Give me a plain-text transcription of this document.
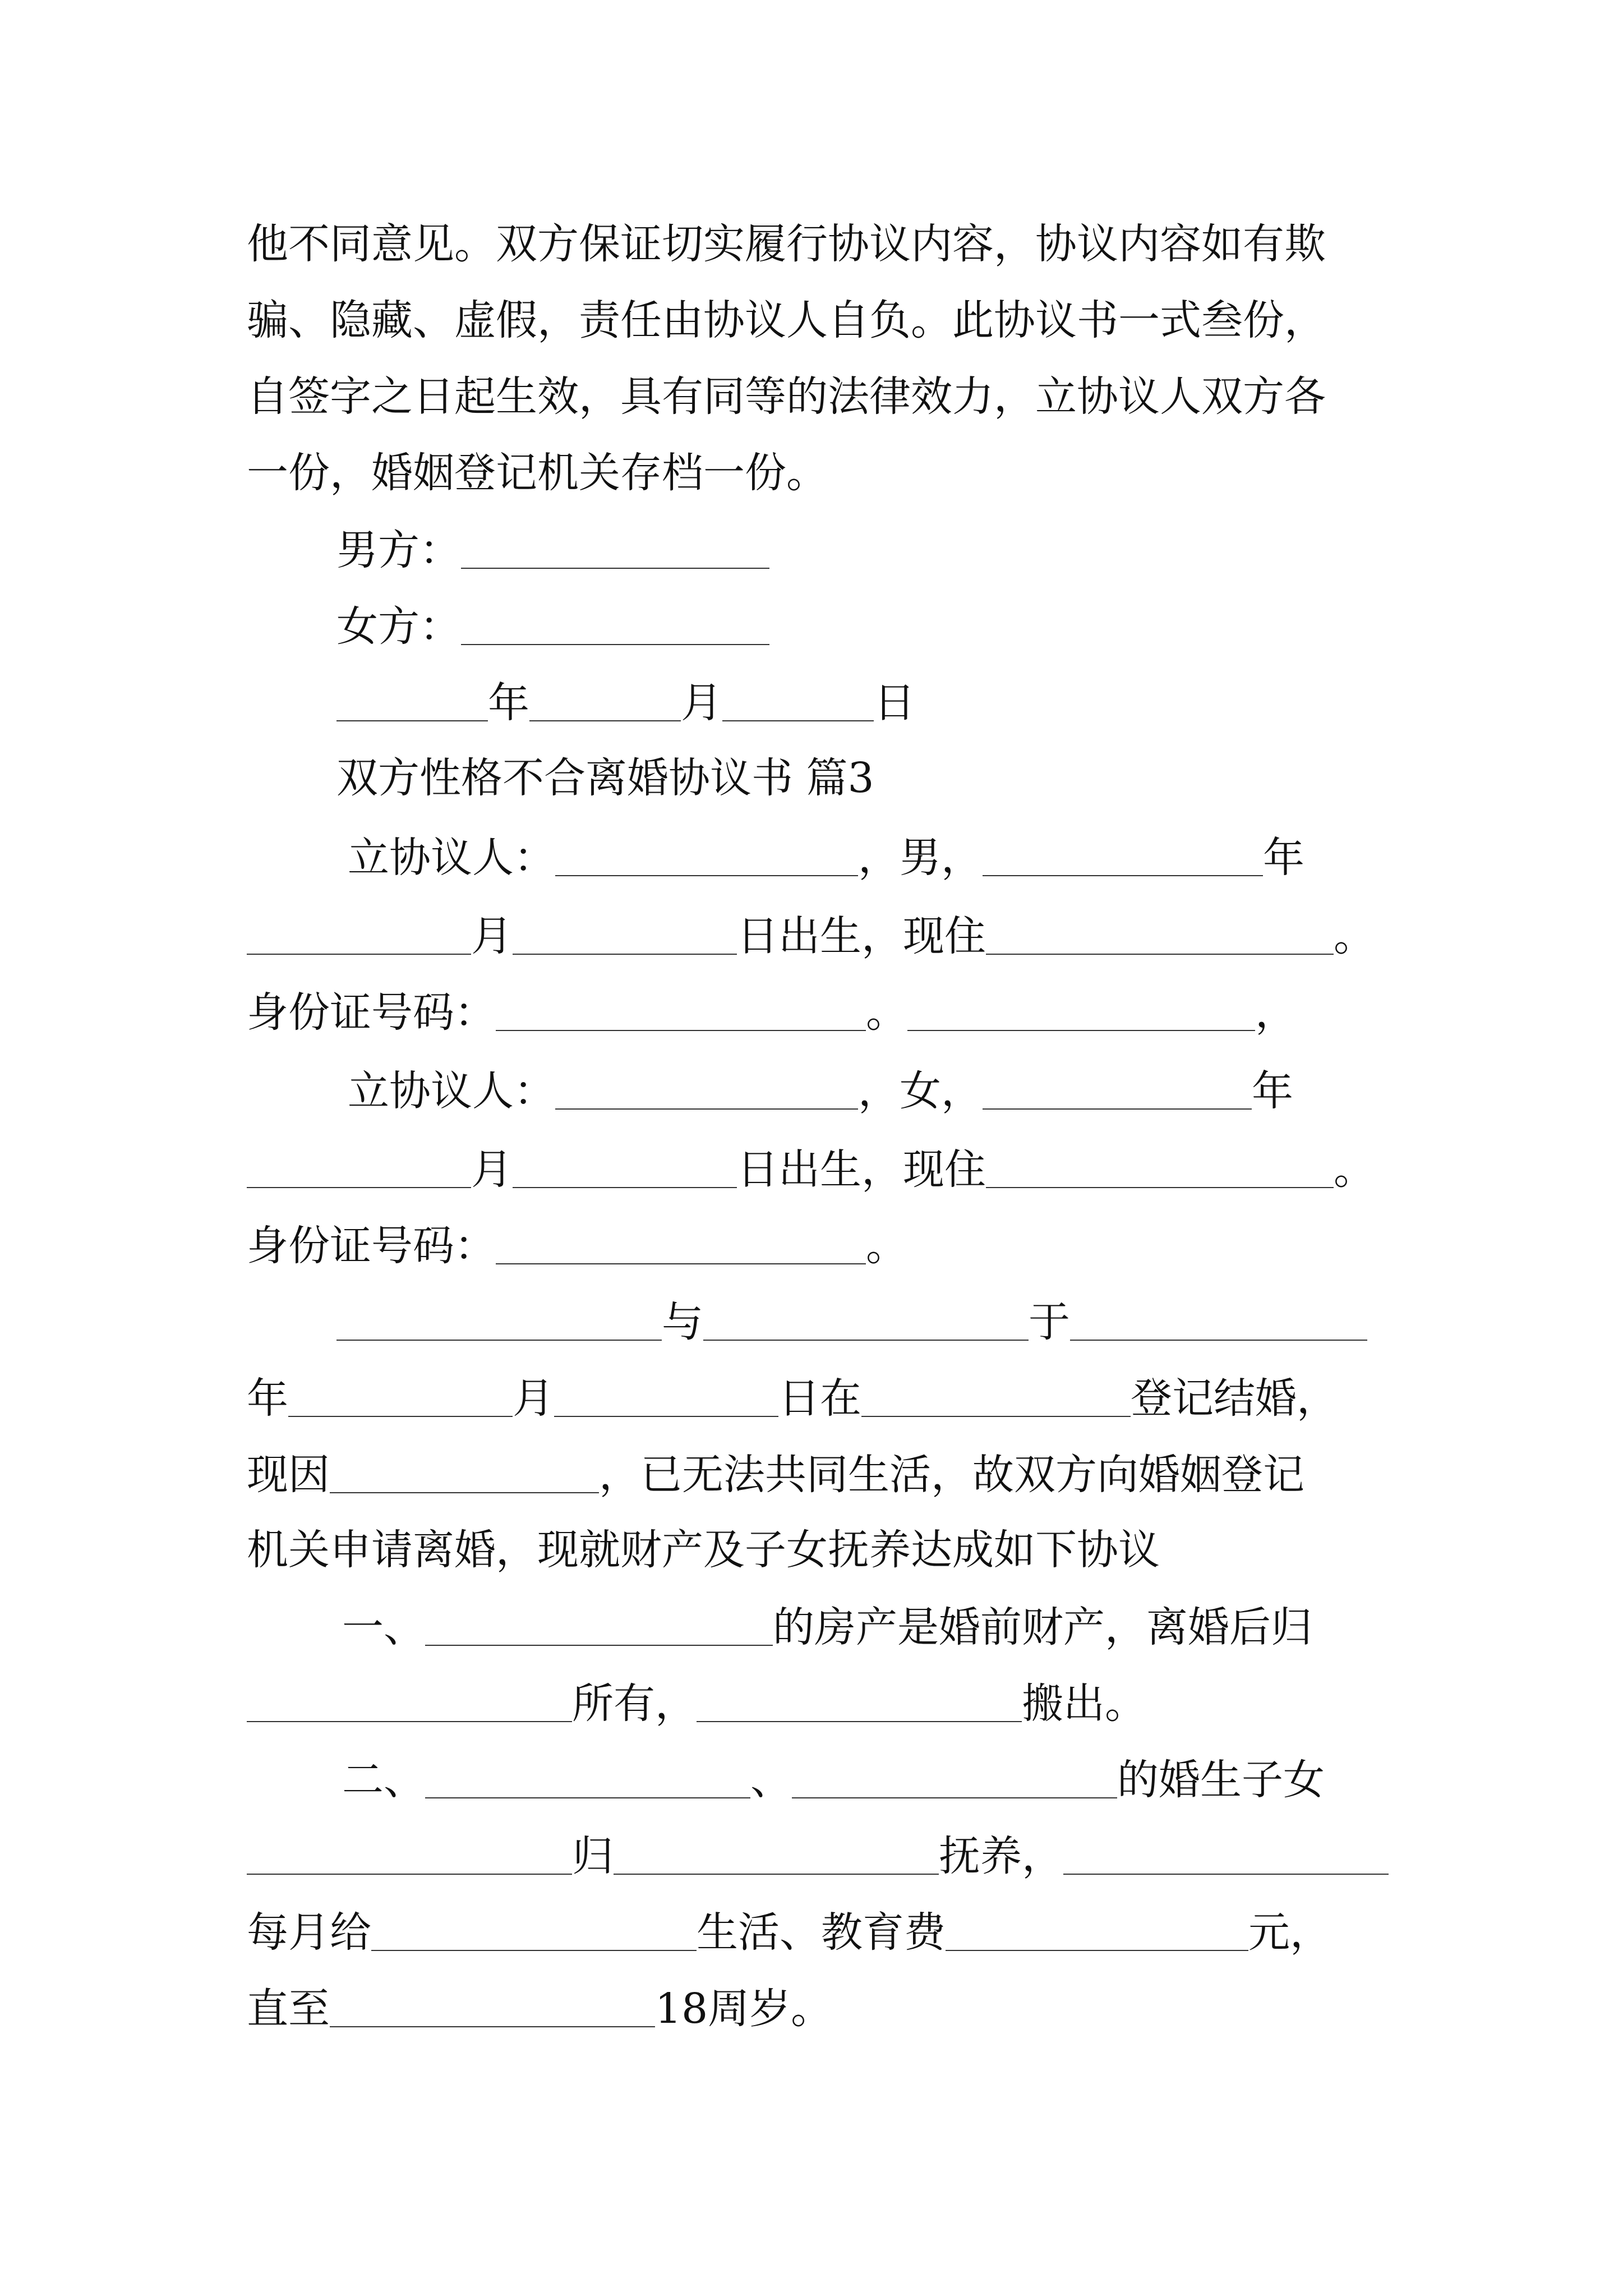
他不同意见。双方保证切实履行协议内容，协议内容如有欺
骗、隐藏、虚假，责任由协议人自负。此协议书一式叁份，
自签字之日起生效，具有同等的法律效力，立协议人双方各
一份，婚姻登记机关存档一份。
男方：
女方：
年	月	日
双方性格不合离婚协议书 篇3
立协议人：	，男，	年
月	日出生，现住	。
身份证号码：	。	，
立协议人：	，女，	年
月	日出生，现住	。
身份证号码：	。
与	于
年	月	日在	登记结婚，
现因	，已无法共同生活，故双方向婚姻登记
机关申请离婚，现就财产及子女抚养达成如下协议
一、	的房产是婚前财产，离婚后归
所有，	搬出。
二、	、	的婚生子女
归	抚养，
每月给	生活、教育费	元，
直至	18周岁。
